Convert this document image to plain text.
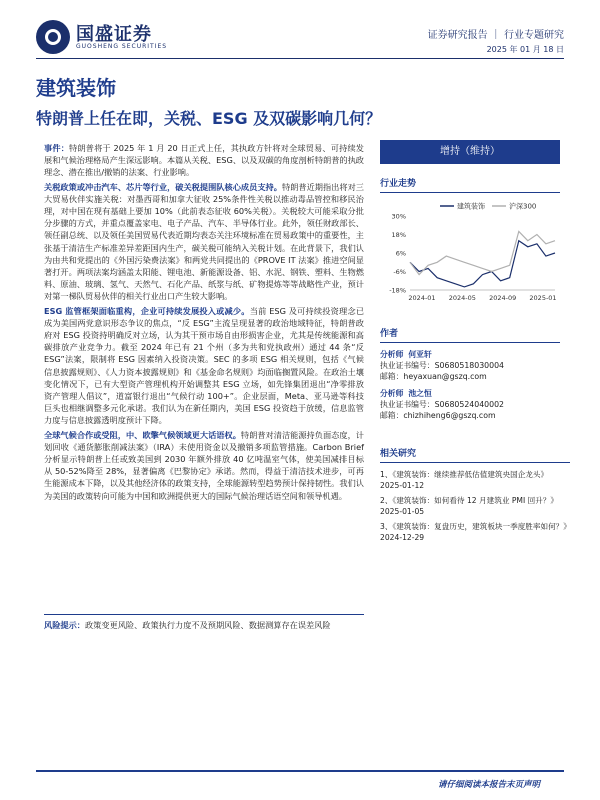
国盛证券
GUOSHENG SECURITIES
证券研究报告 ｜ 行业专题研究
2025 年 01 月 18 日
建筑装饰
特朗普上任在即，关税、ESG 及双碳影响几何？

事件：特朗普将于 2025 年 1 月 20 日正式上任，其执政方针将对全球贸易、可持续发展和气候治理格局产生深远影响。本篇从关税、ESG、以及双碳的角度剖析特朗普的执政理念、潜在推出/撤销的法案、行业影响。

关税政策或冲击汽车、芯片等行业，破关税提围队核心成员支持。特朗普近期指出将对三大贸易伙伴实施关税：对墨西哥和加拿大征收 25%条件性关税以推动毒品管控和移民治理，对中国在现有基础上要加 10%（此前表态征收 60%关税）。关税较大可能采取分批分步骤的方式，并重点覆盖家电、电子产品、汽车、半导体行业。此外，领任财政部长、领任副总统、以及领任美国贸易代表近期均表态关注环境标准在贸易政策中的重要性，主张基于清洁生产标准差异差距国内生产，碳关税可能纳入关税计划。在此背景下，我们认为由共和党提出的《外国污染费法案》和两党共同提出的《PROVE IT 法案》推进空间显著打开。两项法案均涵盖太阳能、锂电池、新能源设备、铝、水泥、钢铁、塑料、生物燃料、原油、玻璃、氢气、天然气、石化产品、纸浆与纸、矿物提炼等等战略性产业，预计对第一梯队贸易伙伴的相关行业出口产生较大影响。

ESG 监管框架面临重构，企业可持续发展投入或减少。当前 ESG 及可持续投资理念已成为美国两党意识形态争议的焦点，“反 ESG”主流呈现显著的政治地域特征，特朗普政府对 ESG 投资持明确反对立场，认为其干预市场自由形损害企业，尤其是传统能源和高碳排放产业竞争力。截至 2024 年已有 21 个州（多为共和党执政州）通过 44 条“反 ESG”法案，限制将 ESG 因素纳入投资决策。SEC 的多项 ESG 相关规则，包括《气候信息披露规则》、《人力资本披露规则》和《基金命名规则》均面临搁置风险。在政治土壤变化情况下，已有大型资产管理机构开始调整其 ESG 立场，如先锋集团退出“净零排放资产管理人倡议”，道富银行退出“气候行动 100+”。企业层面，Meta、亚马逊等科技巨头也相继调整多元化承诺。我们认为在新任期内，美国 ESG 投资趋于放缓，信息监管力度与信息披露透明度预计下降。

全球气候合作或受阻，中、欧擎气候领域更大话语权。特朗普对清洁能源持负面态度，计划回收《通货膨胀削减法案》（IRA）未使用资金以及撤销多项监管措施。Carbon Brief 分析显示特朗普上任或致美国到 2030 年额外排放 40 亿吨温室气体，使美国减排目标从 50-52%降至 28%，显著偏离《巴黎协定》承诺。然而，得益于清洁技术进步，可再生能源成本下降，以及其他经济体的政策支持，全球能源转型趋势预计保持韧性。我们认为美国的政策转向可能为中国和欧洲提供更大的国际气候治理话语空间和领导机遇。

风险提示：政策变更风险、政策执行力度不及预期风险、数据测算存在误差风险
增持（维持）
行业走势
30%
18%
6%
-6%
-18%
2024-01 2024-05 2024-09 2025-01
建筑装饰	沪深300
作者
分析师 何亚轩
执业证书编号：S0680518030004
邮箱：heyaxuan@gszq.com
分析师 池之恒
执业证书编号：S0680524040002
邮箱：chizhiheng6@gszq.com
相关研究
1、《建筑装饰：继续推荐低估值建筑央国企龙头》
2025-01-12
2、《建筑装饰：如何看待 12 月建筑业 PMI 回升？》
2025-01-05
3、《建筑装饰：复盘历史，建筑板块一季度胜率如何？》
2024-12-29
请仔细阅读本报告末页声明
